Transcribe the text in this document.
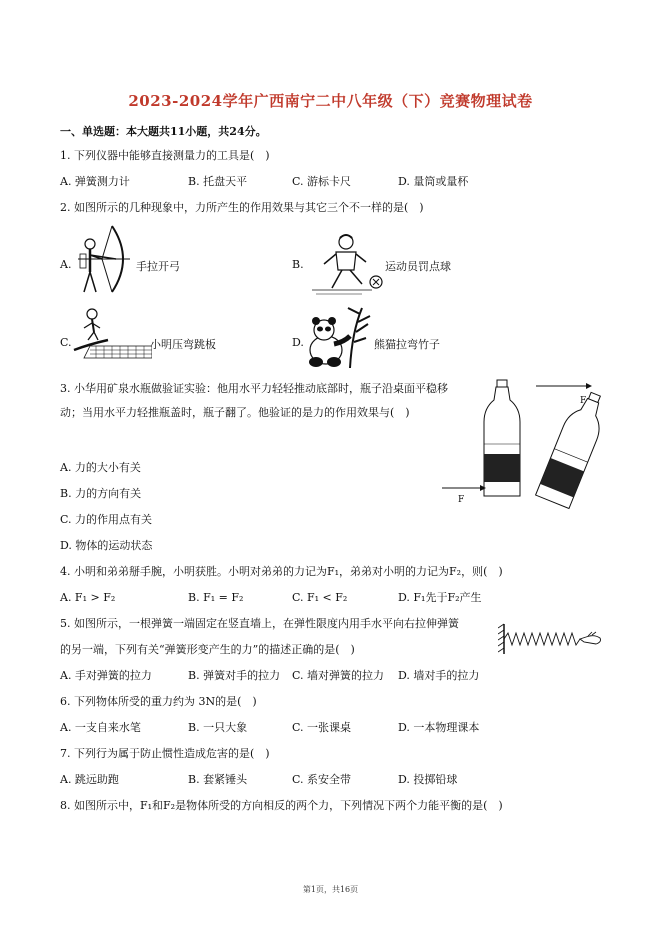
2023-2024学年广西南宁二中八年级（下）竞赛物理试卷
一、单选题：本大题共11小题，共24分。
1. 下列仪器中能够直接测量力的工具是(　)
A. 弹簧测力计	B. 托盘天平	C. 游标卡尺	D. 量筒或量杯
2. 如图所示的几种现象中，力所产生的作用效果与其它三个不一样的是(　)
A.	手拉开弓	B.	运动员罚点球
C.	小明压弯跳板	D.	熊猫拉弯竹子
3. 小华用矿泉水瓶做验证实验：他用水平力轻轻推动底部时，瓶子沿桌面平稳移动；当用水平力轻推瓶盖时，瓶子翻了。他验证的是力的作用效果与(　)
A. 力的大小有关
B. 力的方向有关
C. 力的作用点有关
D. 物体的运动状态
F
F
4. 小明和弟弟掰手腕，小明获胜。小明对弟弟的力记为F₁，弟弟对小明的力记为F₂，则(　)
A. F₁ > F₂	B. F₁ = F₂	C. F₁ < F₂	D. F₁先于F₂产生
5. 如图所示，一根弹簧一端固定在竖直墙上，在弹性限度内用手水平向右拉伸弹簧
的另一端，下列有关“弹簧形变产生的力”的描述正确的是(　)
A. 手对弹簧的拉力	B. 弹簧对手的拉力 C. 墙对弹簧的拉力 D. 墙对手的拉力
6. 下列物体所受的重力约为 3N的是(　)
A. 一支自来水笔	B. 一只大象	C. 一张课桌	D. 一本物理课本
7. 下列行为属于防止惯性造成危害的是(　)
A. 跳远助跑	B. 套紧锤头	C. 系安全带	D. 投掷铅球
8. 如图所示中，F₁和F₂是物体所受的方向相反的两个力，下列情况下两个力能平衡的是(　)
第1页，共16页
